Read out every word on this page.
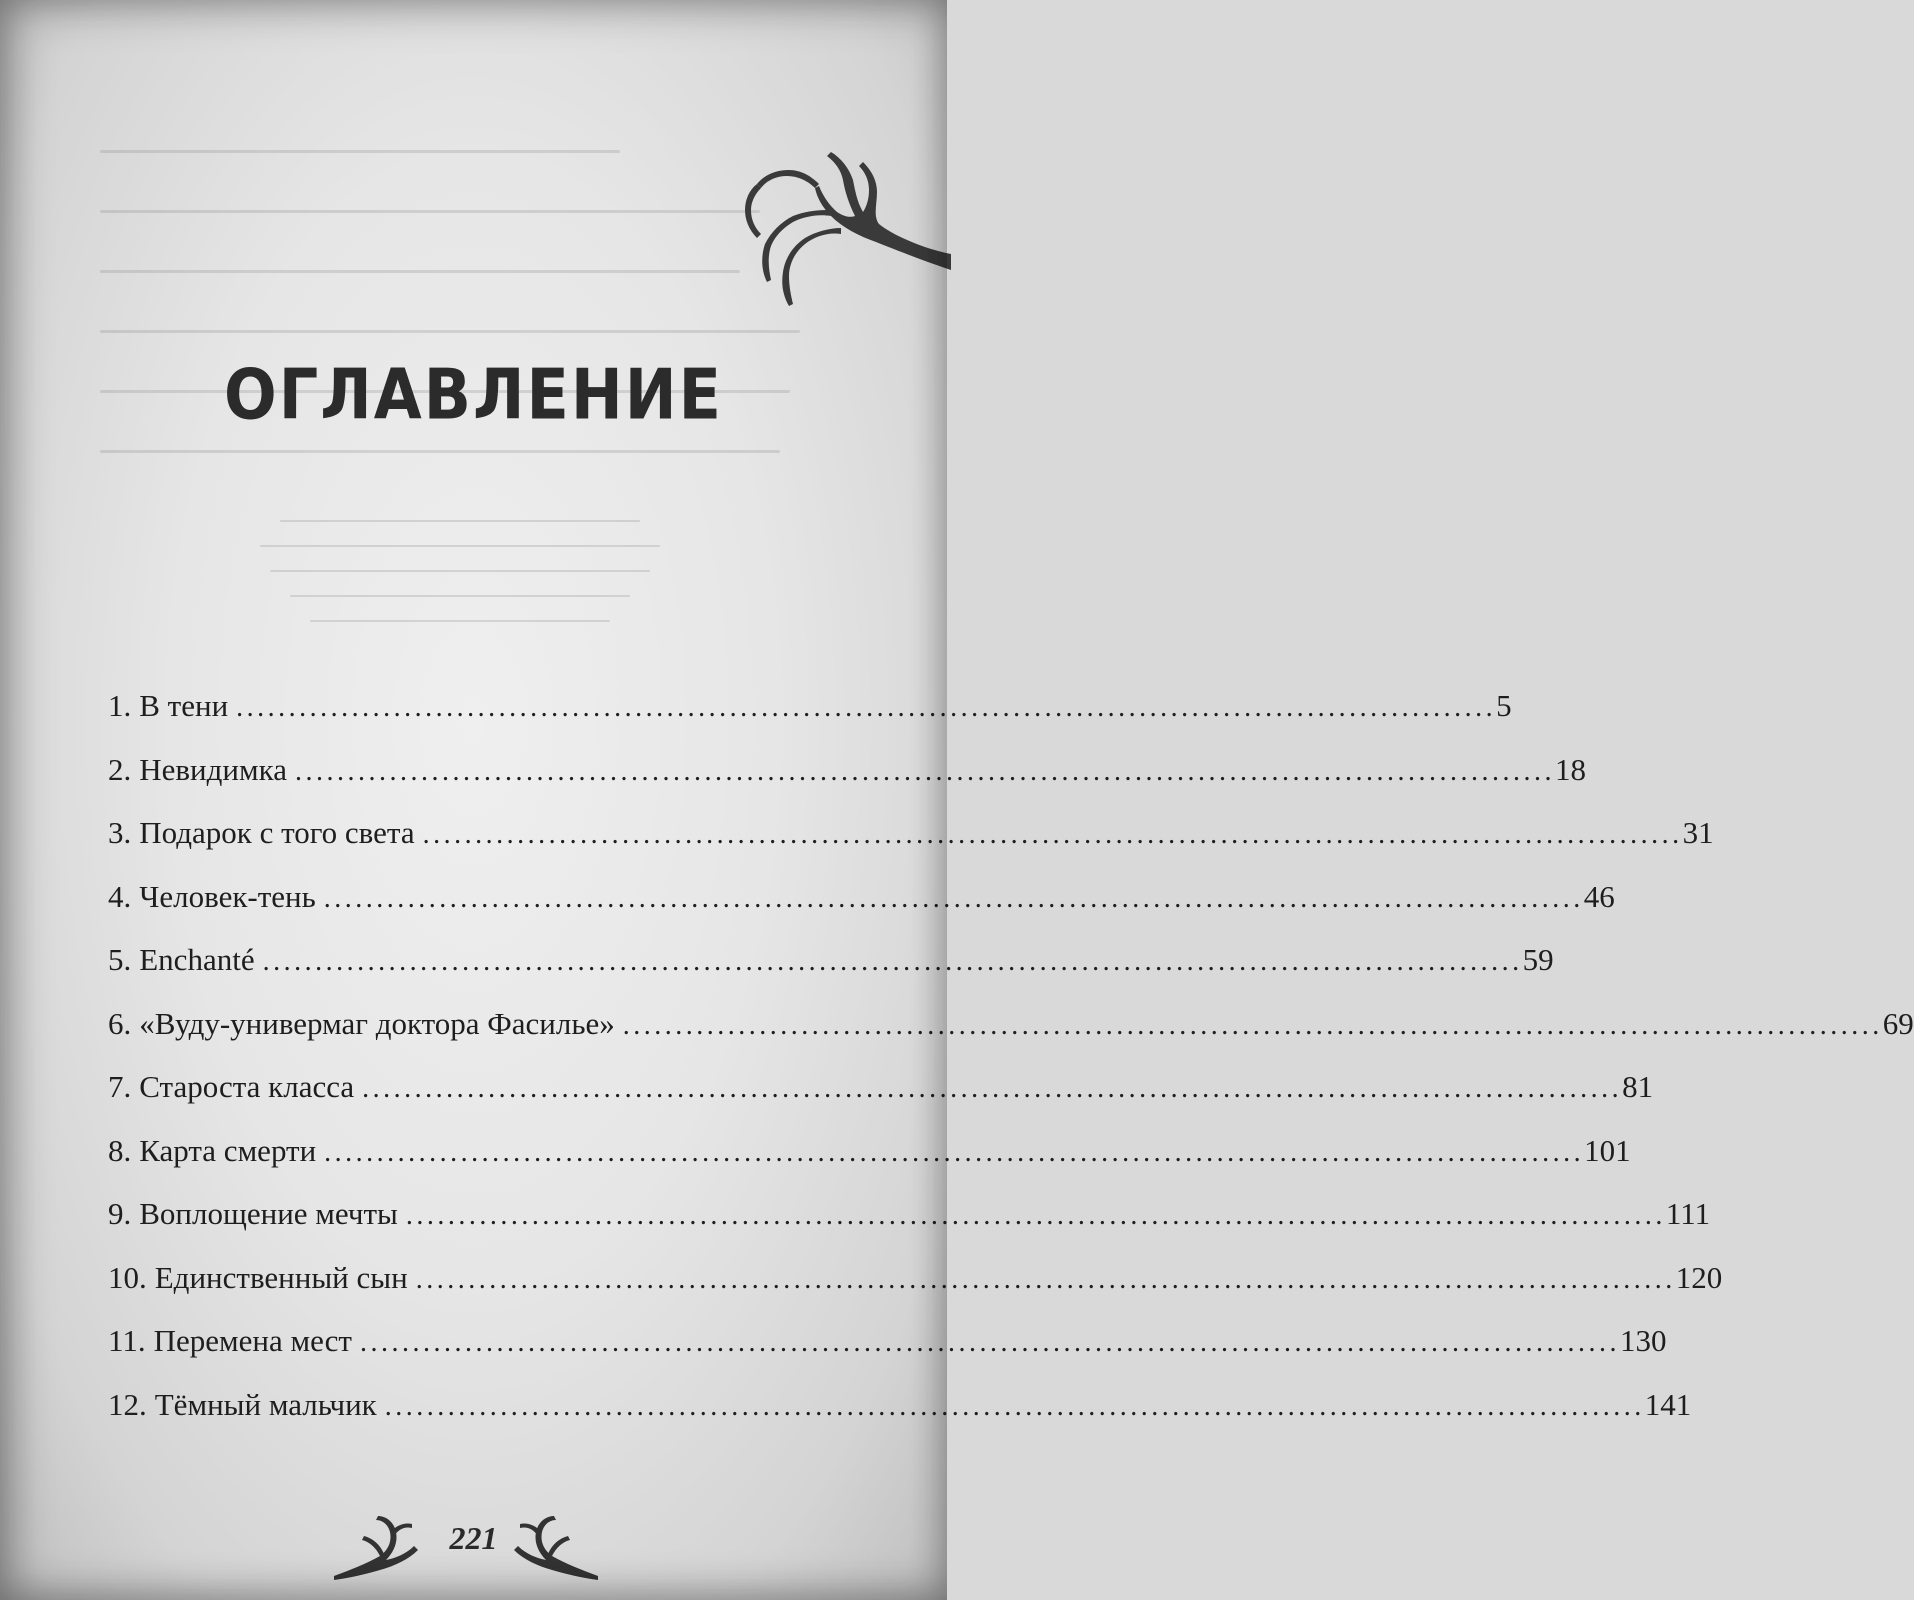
ОГЛАВЛЕНИЕ
1. В тени ........................................................................................................................ 5
2. Невидимка ........................................................................................................................ 18
3. Подарок с того света ........................................................................................................................ 31
4. Человек-тень ........................................................................................................................ 46
5. Enchanté ........................................................................................................................ 59
6. «Вуду-универмаг доктора Фасилье» ........................................................................................................................ 69
7. Староста класса ........................................................................................................................ 81
8. Карта смерти ........................................................................................................................ 101
9. Воплощение мечты ........................................................................................................................ 111
10. Единственный сын ........................................................................................................................ 120
11. Перемена мест ........................................................................................................................ 130
12. Тёмный мальчик ........................................................................................................................ 141
221
